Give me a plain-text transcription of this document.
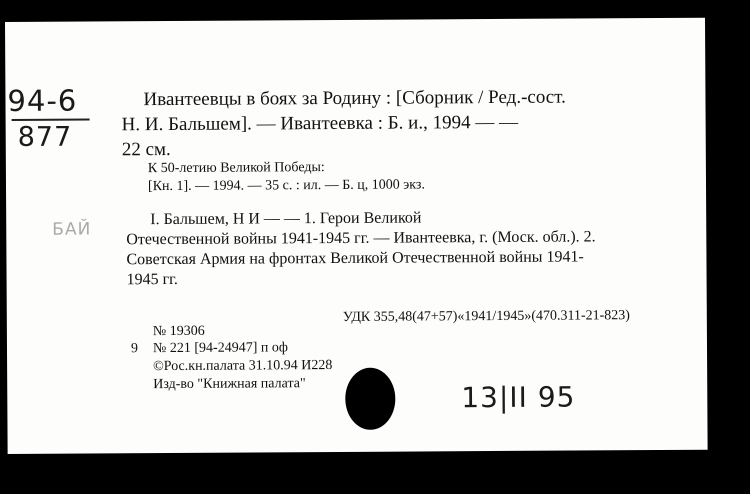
94-6
877
БАЙ
Ивантеевцы в боях за Родину : [Сборник / Ред.-сост.
Н. И. Бальшем]. — Ивантеевка : Б. и., 1994 — —
22 см.
К 50-летию Великой Победы:
[Кн. 1]. — 1994. — 35 с. : ил. — Б. ц, 1000 экз.
I. Бальшем, Н И — — 1. Герои Великой
Отечественной войны 1941-1945 гг. — Ивантеевка, г. (Моск. обл.). 2.
Советская Армия на фронтах Великой Отечественной войны 1941-
1945 гг.
№ 19306
УДК 355,48(47+57)«1941/1945»(470.311-21-823)
9 № 221 [94-24947] п оф
©Рос.кн.палата 31.10.94 И228
Изд-во "Книжная палата"	13|II 95
